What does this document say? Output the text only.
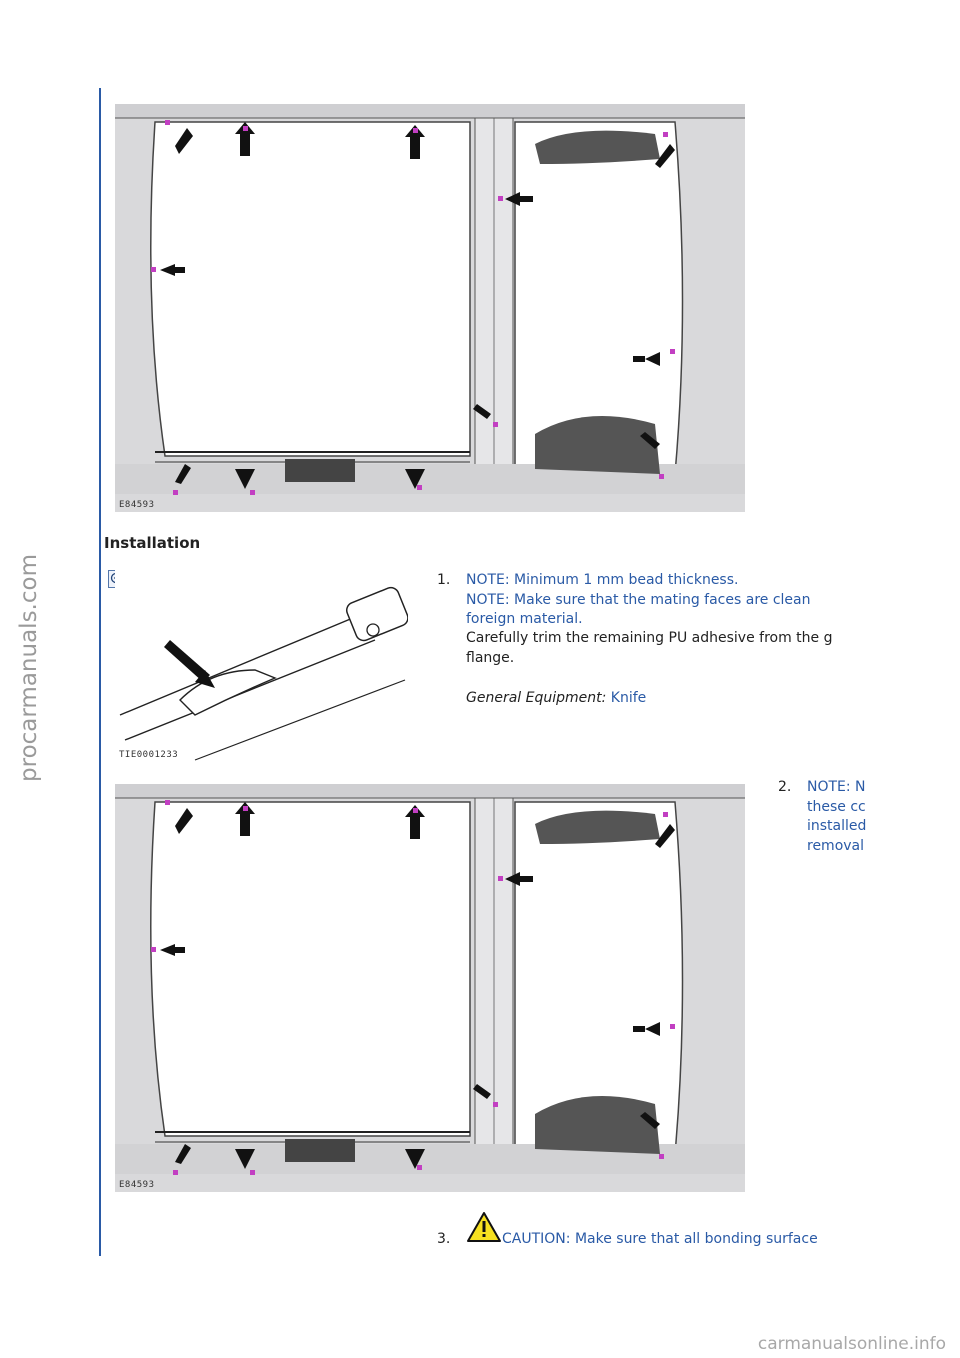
procarmanuals.com
E84593
Installation
TIE0001233
1. NOTE: Minimum 1 mm bead thickness.
NOTE: Make sure that the mating faces are clean
foreign material.
Carefully trim the remaining PU adhesive from the g
flange.
General Equipment: Knife
2. NOTE: N
these cc
installed
removal
E84593
3.	CAUTION: Make sure that all bonding surface
carmanualsonline.info
